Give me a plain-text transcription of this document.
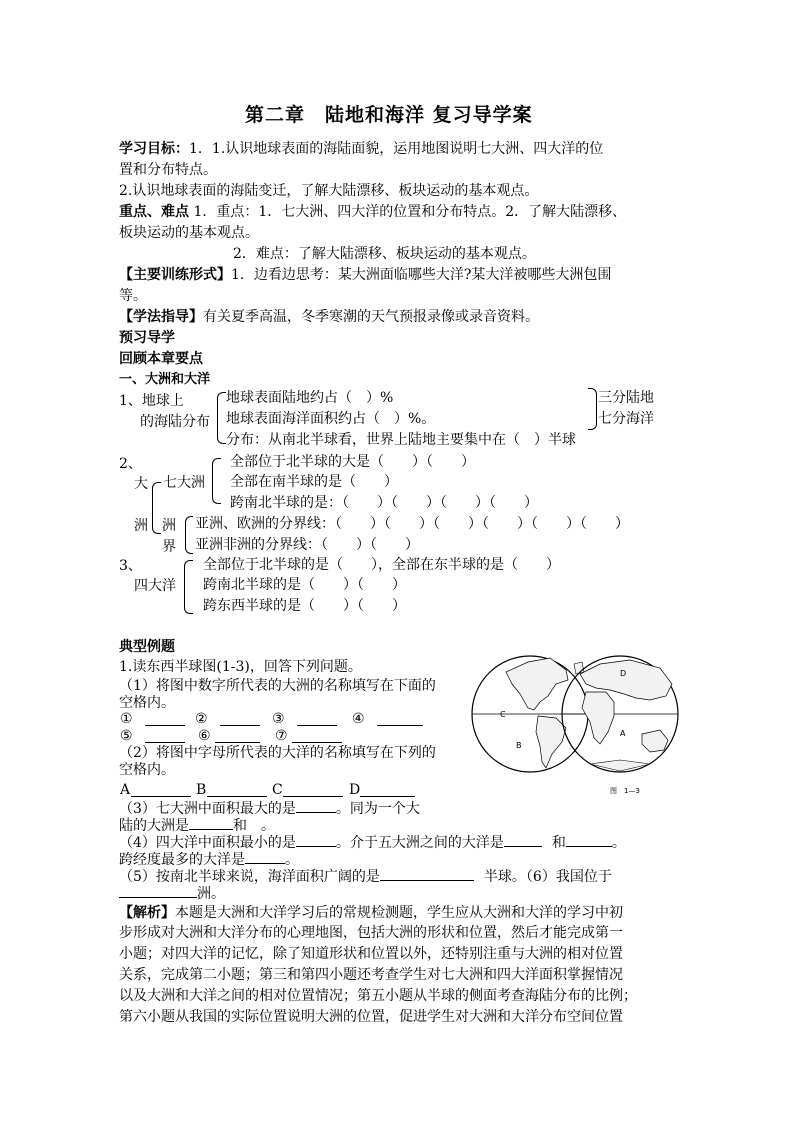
第二章　陆地和海洋 复习导学案
学习目标：1．1.认识地球表面的海陆面貌，运用地图说明七大洲、四大洋的位
置和分布特点。
2.认识地球表面的海陆变迁，了解大陆漂移、板块运动的基本观点。
重点、难点 1．重点：1．七大洲、四大洋的位置和分布特点。2．了解大陆漂移、
板块运动的基本观点。
2．难点：了解大陆漂移、板块运动的基本观点。
【主要训练形式】1．边看边思考：某大洲面临哪些大洋?某大洋被哪些大洲包围
等。
【学法指导】有关夏季高温，冬季寒潮的天气预报录像或录音资料。
预习导学
回顾本章要点
一、大洲和大洋
1、地球上
的海陆分布
地球表面陆地约占（　）%
地球表面海洋面积约占（　）%。
分布：从南北半球看，世界上陆地主要集中在（　）半球
三分陆地
七分海洋
2、
大
洲
七大洲
全部位于北半球的大是（　　）（　　）
全部在南半球的是（　　）
跨南北半球的是：（　　）（　　）（　　）（　　）
洲
界
亚洲、欧洲的分界线：（　　）（　　）（　　）（　　）（　　）（　　）
亚洲非洲的分界线：（　　）（　　）
3、
四大洋
全部位于北半球的是（　　），全部在东半球的是（　　）
跨南北半球的是（　　）（　　）
跨东西半球的是（　　）（　　）
典型例题
1.读东西半球图(1-3)，回答下列问题。
（1）将图中数字所代表的大洲的名称填写在下面的
空格内。
①	②	③	④
⑤	⑥	⑦
（2）将图中字母所代表的大洋的名称填写在下列的
空格内。
A	B	C	D
（3）七大洲中面积最大的是	。同为一个大
陆的大洲是	和 。
（4）四大洋中面积最小的是	。介于五大洲之间的大洋是	和	。
跨经度最多的大洋是	。
（5）按南北半球来说，海洋面积广阔的是	半球。（6）我国位于
洲。
C
B
A
D
图　1—3
【解析】本题是大洲和大洋学习后的常规检测题，学生应从大洲和大洋的学习中初
步形成对大洲和大洋分布的心理地图，包括大洲的形状和位置，然后才能完成第一
小题；对四大洋的记忆，除了知道形状和位置以外，还特别注重与大洲的相对位置
关系，完成第二小题；第三和第四小题还考查学生对七大洲和四大洋面积掌握情况
以及大洲和大洋之间的相对位置情况；第五小题从半球的侧面考查海陆分布的比例；
第六小题从我国的实际位置说明大洲的位置，促进学生对大洲和大洋分布空间位置
